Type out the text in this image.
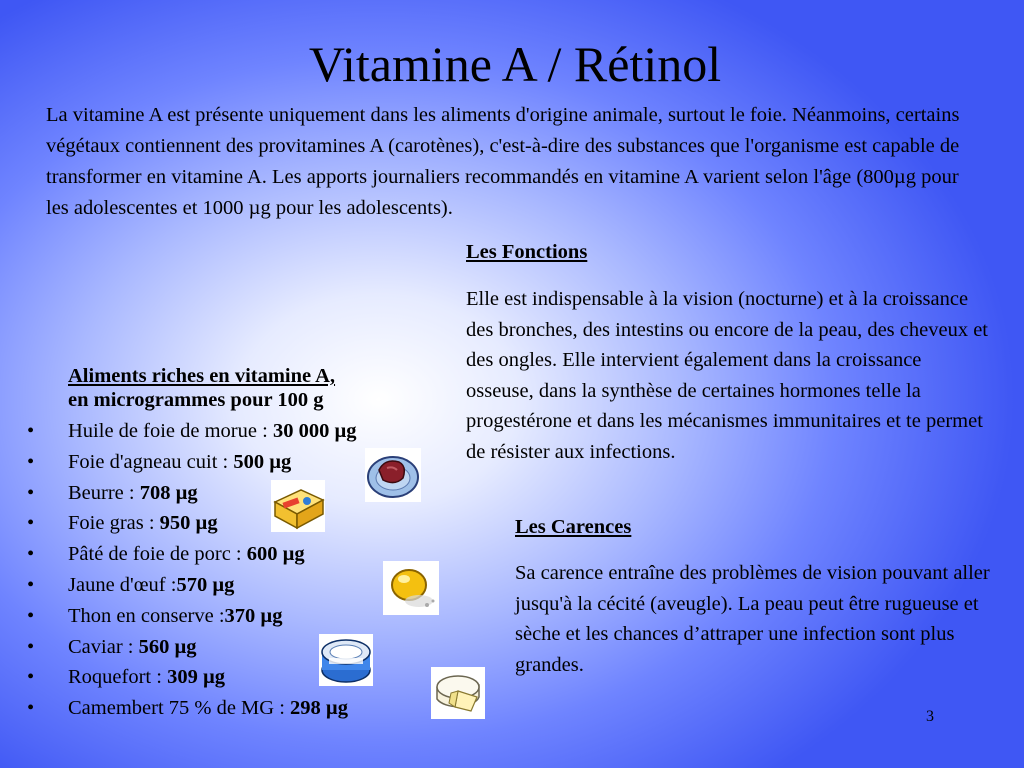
Vitamine A / Rétinol

La vitamine A est présente uniquement dans les aliments d'origine animale, surtout le foie. Néanmoins, certains végétaux contiennent des provitamines A (carotènes), c'est-à-dire des substances que l'organisme est capable de transformer en vitamine A. Les apports journaliers recommandés en vitamine A varient selon l'âge (800µg pour les adolescentes et 1000 µg pour les adolescents).

Les Fonctions

Elle est indispensable à la vision (nocturne) et à la croissance des bronches, des intestins ou encore de la peau, des cheveux et des ongles. Elle intervient également dans la croissance osseuse, dans la synthèse de certaines hormones telle la progestérone et dans les mécanismes immunitaires et te permet de résister aux infections.

Les Carences

Sa carence entraîne des problèmes de vision pouvant aller jusqu'à la cécité (aveugle). La peau peut être rugueuse et sèche et les chances d’attraper une infection sont plus grandes.

Aliments riches en vitamine A,
en microgrammes pour 100 g
• Huile de foie de morue : 30 000 µg
• Foie d'agneau cuit : 500 µg
• Beurre : 708 µg
• Foie gras : 950 µg
• Pâté de foie de porc : 600 µg
• Jaune d'œuf :570 µg
• Thon en conserve :370 µg
• Caviar : 560 µg
• Roquefort : 309 µg
• Camembert 75 % de MG : 298 µg	3
